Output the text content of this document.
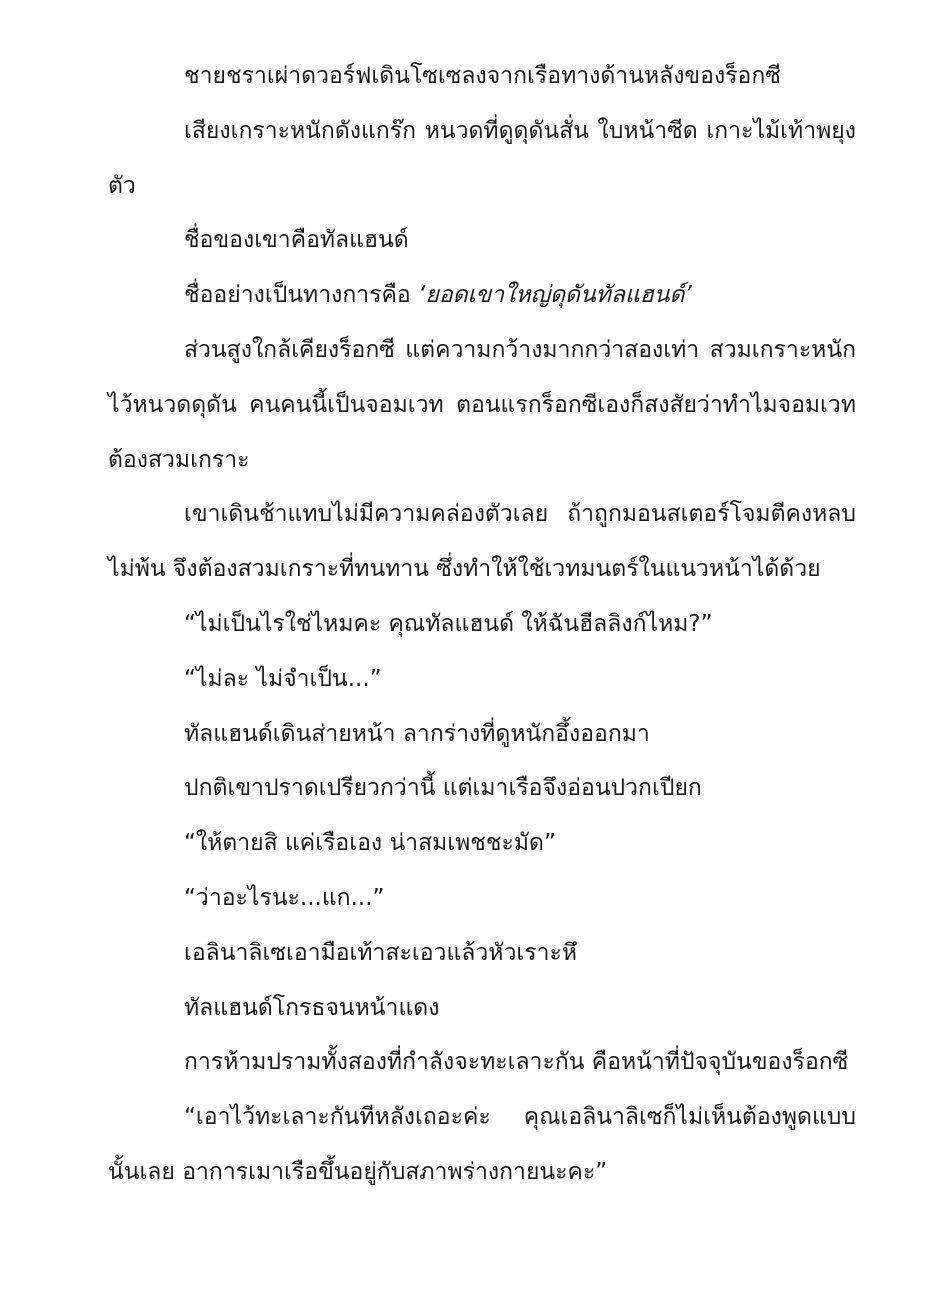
ชายชราเผ่าดวอร์ฟเดินโซเซลงจากเรือทางด้านหลังของร็อกซี

เสียงเกราะหนักดังแกร๊ก หนวดที่ดูดุดันสั่น ใบหน้าซีด เกาะไม้เท้าพยุงตัว

ชื่อของเขาคือทัลแฮนด์

ชื่ออย่างเป็นทางการคือ ‘ยอดเขาใหญ่ดุดันทัลแฮนด์’

ส่วนสูงใกล้เคียงร็อกซี แต่ความกว้างมากกว่าสองเท่า สวมเกราะหนัก ไว้หนวดดุดัน คนคนนี้เป็นจอมเวท ตอนแรกร็อกซีเองก็สงสัยว่าทำไมจอมเวทต้องสวมเกราะ

เขาเดินช้าแทบไม่มีความคล่องตัวเลย ถ้าถูกมอนสเตอร์โจมตีคงหลบไม่พ้น จึงต้องสวมเกราะที่ทนทาน ซึ่งทำให้ใช้เวทมนตร์ในแนวหน้าได้ด้วย

“ไม่เป็นไรใช่ไหมคะ คุณทัลแฮนด์ ให้ฉันฮีลลิงก์ไหม?”

“ไม่ละ ไม่จำเป็น...”

ทัลแฮนด์เดินส่ายหน้า ลากร่างที่ดูหนักอึ้งออกมา

ปกติเขาปราดเปรียวกว่านี้ แต่เมาเรือจึงอ่อนปวกเปียก

“ให้ตายสิ แค่เรือเอง น่าสมเพชชะมัด”

“ว่าอะไรนะ...แก...”

เอลินาลิเซเอามือเท้าสะเอวแล้วหัวเราะหึ

ทัลแฮนด์โกรธจนหน้าแดง

การห้ามปรามทั้งสองที่กำลังจะทะเลาะกัน คือหน้าที่ปัจจุบันของร็อกซี

“เอาไว้ทะเลาะกันทีหลังเถอะค่ะ คุณเอลินาลิเซก็ไม่เห็นต้องพูดแบบนั้นเลย อาการเมาเรือขึ้นอยู่กับสภาพร่างกายนะคะ”
